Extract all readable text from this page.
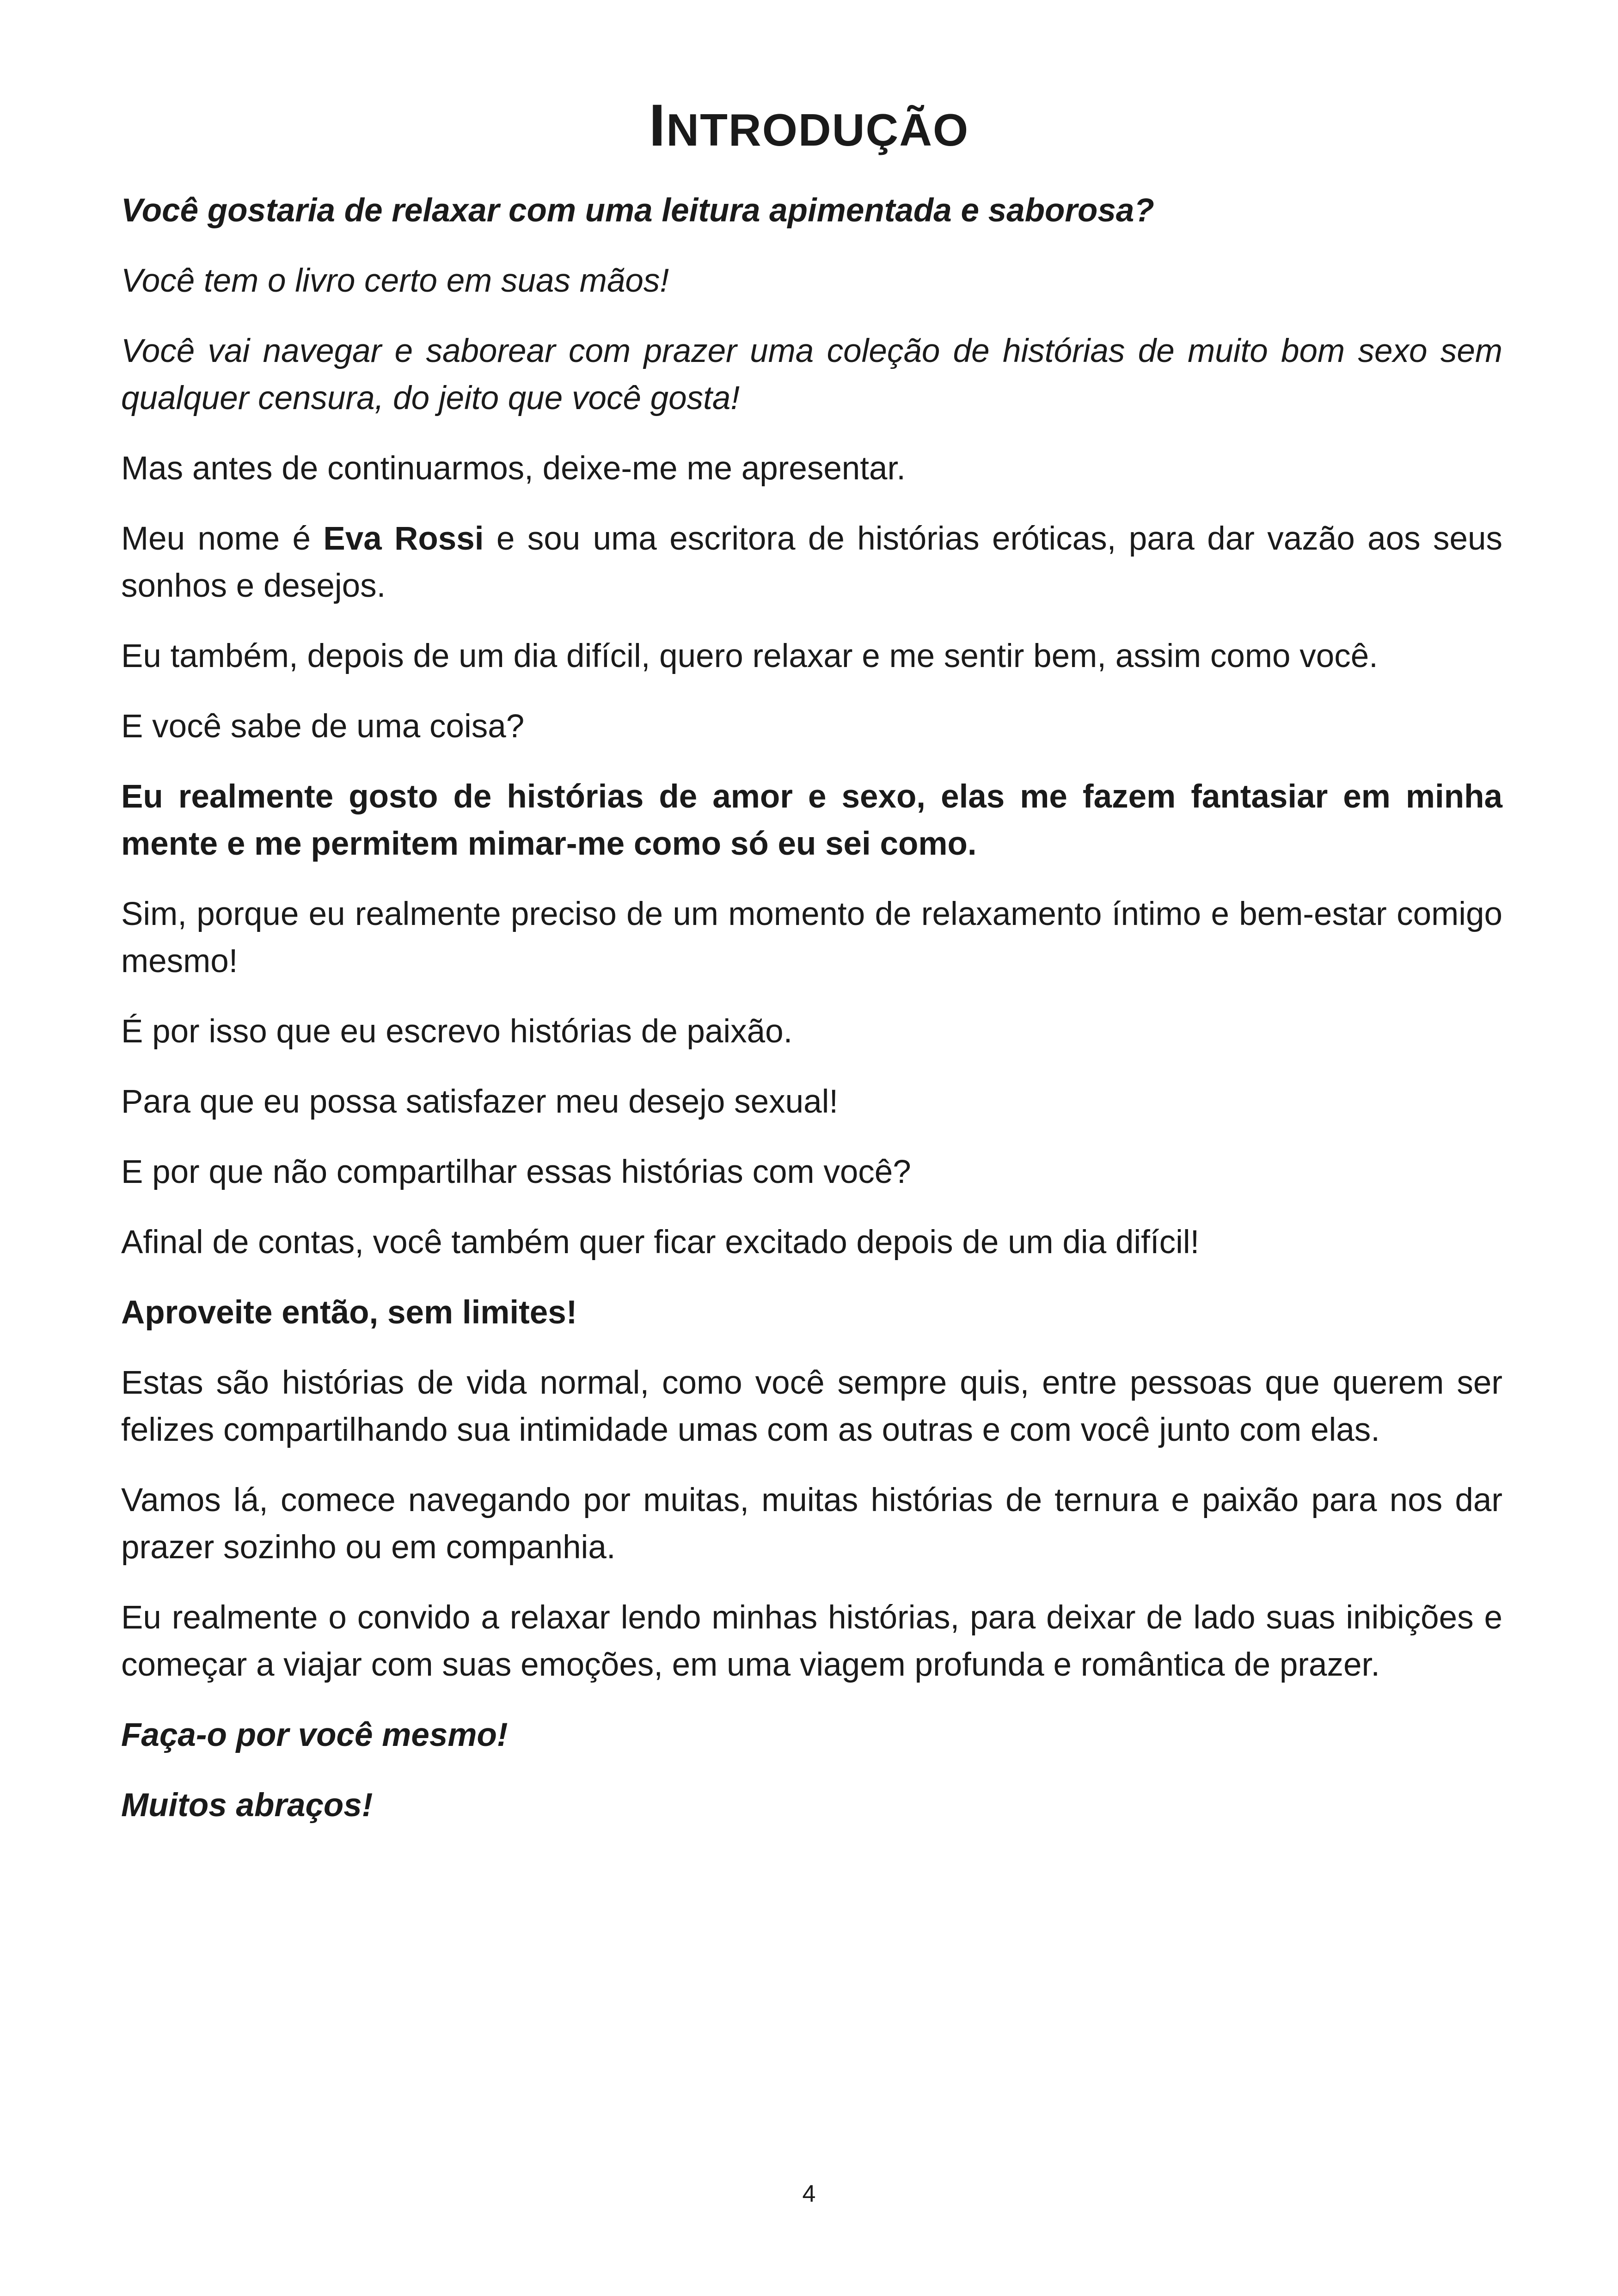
INTRODUÇÃO

Você gostaria de relaxar com uma leitura apimentada e saborosa?

Você tem o livro certo em suas mãos!

Você vai navegar e saborear com prazer uma coleção de histórias de muito bom sexo sem qualquer censura, do jeito que você gosta!

Mas antes de continuarmos, deixe-me me apresentar.

Meu nome é Eva Rossi e sou uma escritora de histórias eróticas, para dar vazão aos seus sonhos e desejos.

Eu também, depois de um dia difícil, quero relaxar e me sentir bem, assim como você.

E você sabe de uma coisa?

Eu realmente gosto de histórias de amor e sexo, elas me fazem fantasiar em minha mente e me permitem mimar-me como só eu sei como.

Sim, porque eu realmente preciso de um momento de relaxamento íntimo e bem-estar comigo mesmo!

É por isso que eu escrevo histórias de paixão.

Para que eu possa satisfazer meu desejo sexual!

E por que não compartilhar essas histórias com você?

Afinal de contas, você também quer ficar excitado depois de um dia difícil!

Aproveite então, sem limites!

Estas são histórias de vida normal, como você sempre quis, entre pessoas que querem ser felizes compartilhando sua intimidade umas com as outras e com você junto com elas.

Vamos lá, comece navegando por muitas, muitas histórias de ternura e paixão para nos dar prazer sozinho ou em companhia.

Eu realmente o convido a relaxar lendo minhas histórias, para deixar de lado suas inibições e começar a viajar com suas emoções, em uma viagem profunda e romântica de prazer.

Faça-o por você mesmo!

Muitos abraços!

4
